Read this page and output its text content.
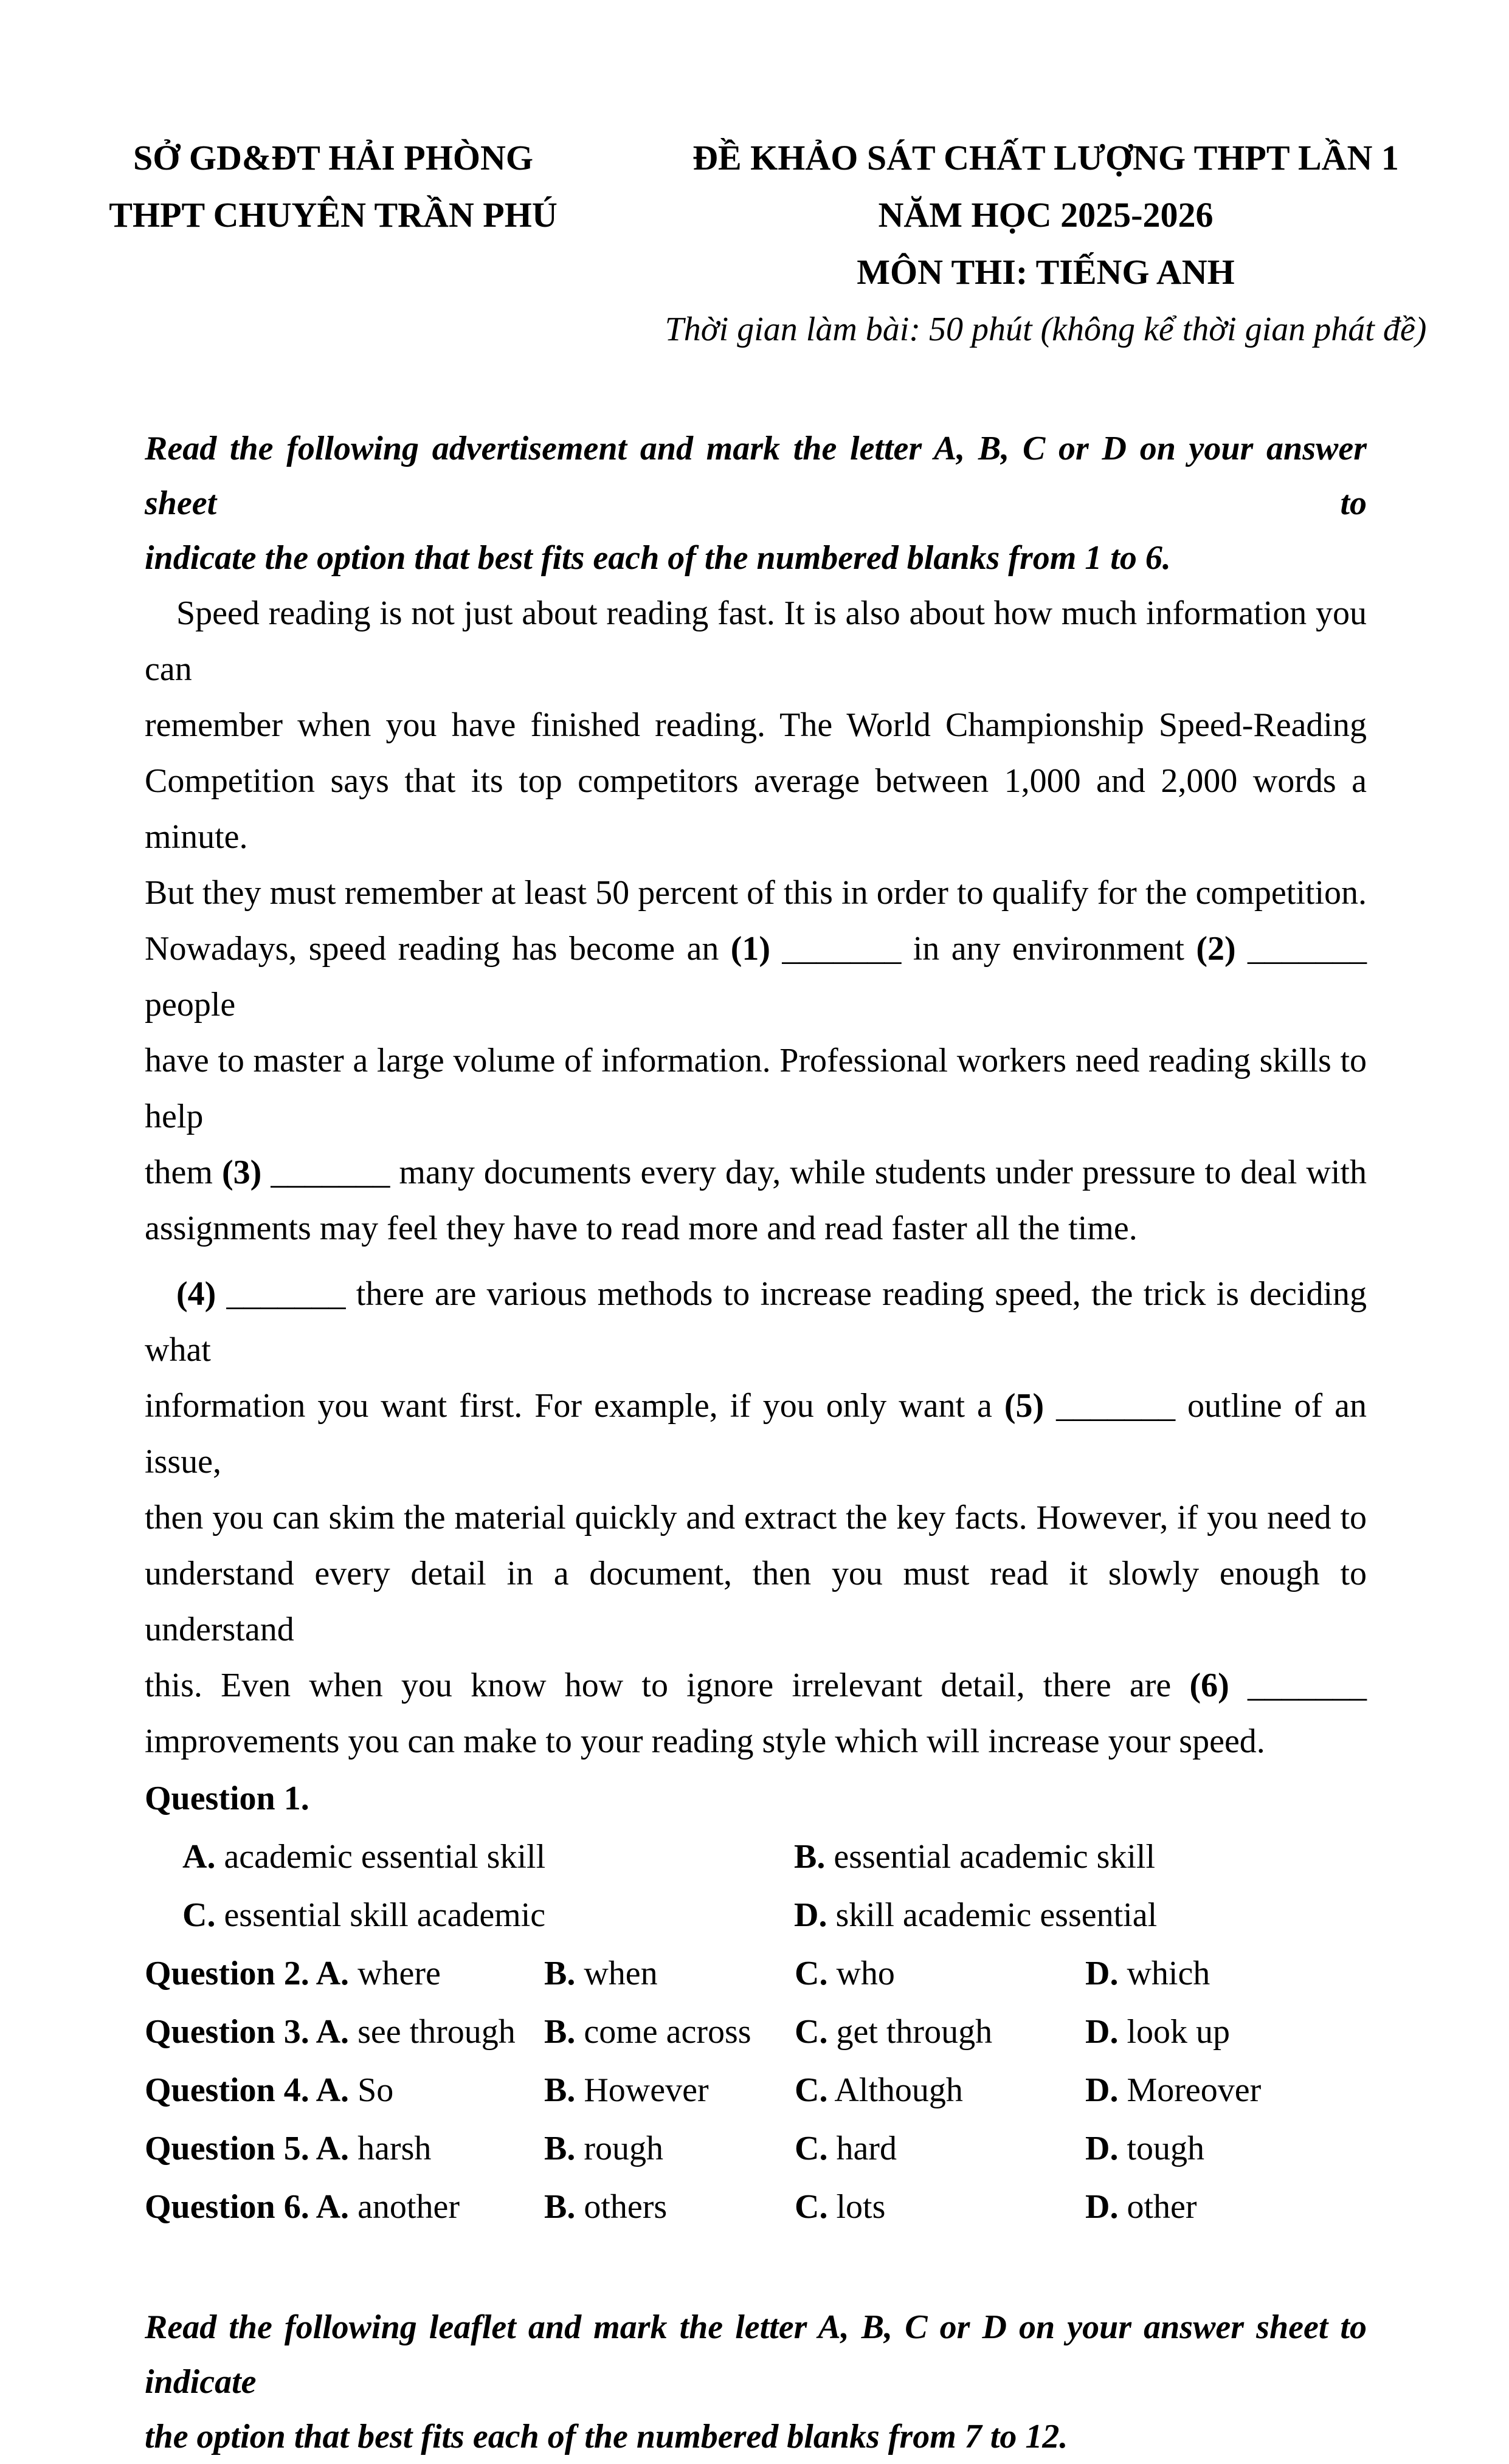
SỞ GD&ĐT HẢI PHÒNG
THPT CHUYÊN TRẦN PHÚ
ĐỀ KHẢO SÁT CHẤT LƯỢNG THPT LẦN 1
NĂM HỌC 2025-2026
MÔN THI: TIẾNG ANH
Thời gian làm bài: 50 phút (không kể thời gian phát đề)
Read the following advertisement and mark the letter A, B, C or D on your answer sheet to
indicate the option that best fits each of the numbered blanks from 1 to 6.
Speed reading is not just about reading fast. It is also about how much information you can
remember when you have finished reading. The World Championship Speed-Reading
Competition says that its top competitors average between 1,000 and 2,000 words a minute.
But they must remember at least 50 percent of this in order to qualify for the competition.
Nowadays, speed reading has become an (1) _______ in any environment (2) _______ people
have to master a large volume of information. Professional workers need reading skills to help
them (3) _______ many documents every day, while students under pressure to deal with
assignments may feel they have to read more and read faster all the time.
(4) _______ there are various methods to increase reading speed, the trick is deciding what
information you want first. For example, if you only want a (5) _______ outline of an issue,
then you can skim the material quickly and extract the key facts. However, if you need to
understand every detail in a document, then you must read it slowly enough to understand
this. Even when you know how to ignore irrelevant detail, there are (6) _______
improvements you can make to your reading style which will increase your speed.
Question 1.
A. academic essential skill	B. essential academic skill
C. essential skill academic	D. skill academic essential
Question 2. A. where	B. when	C. who	D. which
Question 3. A. see through B. come across C. get through	D. look up
Question 4. A. So	B. However	C. Although	D. Moreover
Question 5. A. harsh	B. rough	C. hard	D. tough
Question 6. A. another B. others	C. lots	D. other
Read the following leaflet and mark the letter A, B, C or D on your answer sheet to indicate
the option that best fits each of the numbered blanks from 7 to 12.
